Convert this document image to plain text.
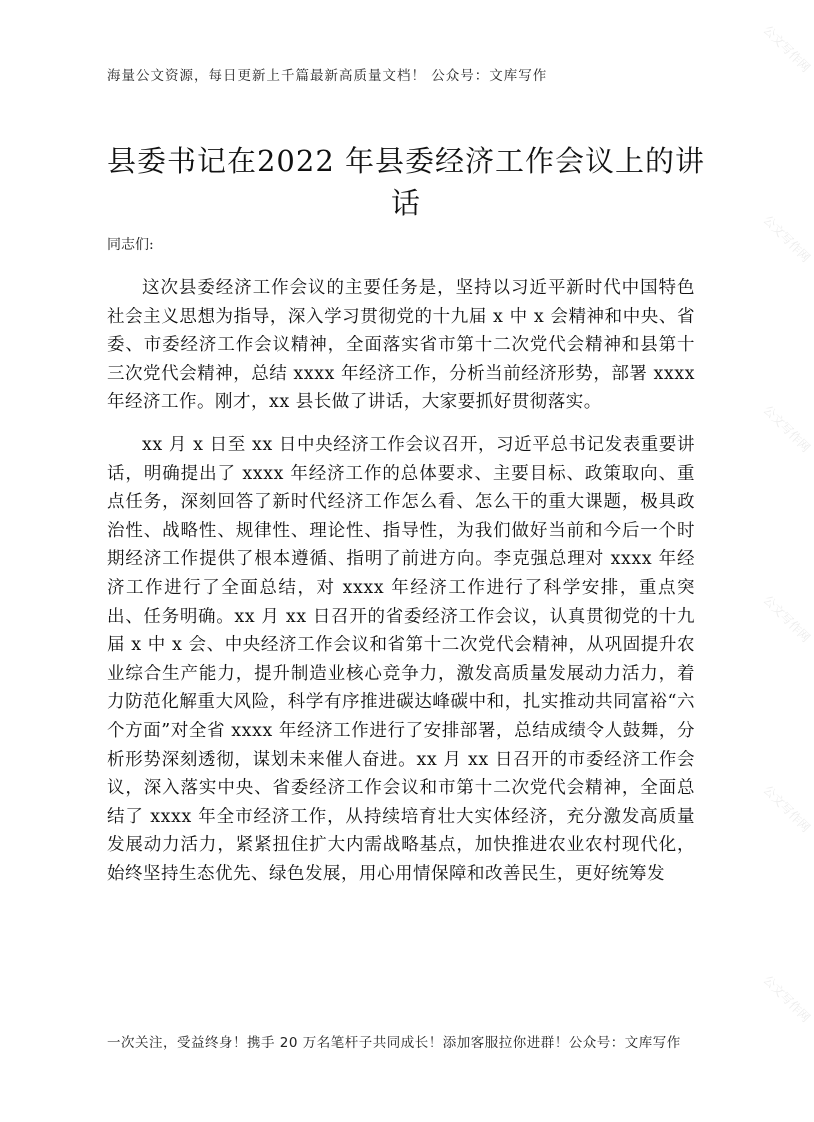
海量公文资源，每日更新上千篇最新高质量文档！ 公众号：文库写作
县委书记在2022 年县委经济工作会议上的讲话
同志们:

这次县委经济工作会议的主要任务是，坚持以习近平新时代中国特色社会主义思想为指导，深入学习贯彻党的十九届 x 中 x 会精神和中央、省委、市委经济工作会议精神，全面落实省市第十二次党代会精神和县第十三次党代会精神，总结 xxxx 年经济工作，分析当前经济形势，部署 xxxx 年经济工作。刚才，xx 县长做了讲话，大家要抓好贯彻落实。

xx 月 x 日至 xx 日中央经济工作会议召开，习近平总书记发表重要讲话，明确提出了 xxxx 年经济工作的总体要求、主要目标、政策取向、重点任务，深刻回答了新时代经济工作怎么看、怎么干的重大课题，极具政治性、战略性、规律性、理论性、指导性，为我们做好当前和今后一个时期经济工作提供了根本遵循、指明了前进方向。李克强总理对 xxxx 年经济工作进行了全面总结，对 xxxx 年经济工作进行了科学安排，重点突出、任务明确。xx 月 xx 日召开的省委经济工作会议，认真贯彻党的十九届 x 中 x 会、中央经济工作会议和省第十二次党代会精神，从巩固提升农业综合生产能力，提升制造业核心竞争力，激发高质量发展动力活力，着力防范化解重大风险，科学有序推进碳达峰碳中和，扎实推动共同富裕“六个方面”对全省 xxxx 年经济工作进行了安排部署，总结成绩令人鼓舞，分析形势深刻透彻，谋划未来催人奋进。xx 月 xx 日召开的市委经济工作会议，深入落实中央、省委经济工作会议和市第十二次党代会精神，全面总结了 xxxx 年全市经济工作，从持续培育壮大实体经济，充分激发高质量发展动力活力，紧紧扭住扩大内需战略基点，加快推进农业农村现代化，始终坚持生态优先、绿色发展，用心用情保障和改善民生，更好统筹发

一次关注，受益终身！携手 20 万名笔杆子共同成长！添加客服拉你进群！公众号：文库写作
公文写作网
公文写作网
公文写作网
公文写作网
公文写作网
公文写作网
